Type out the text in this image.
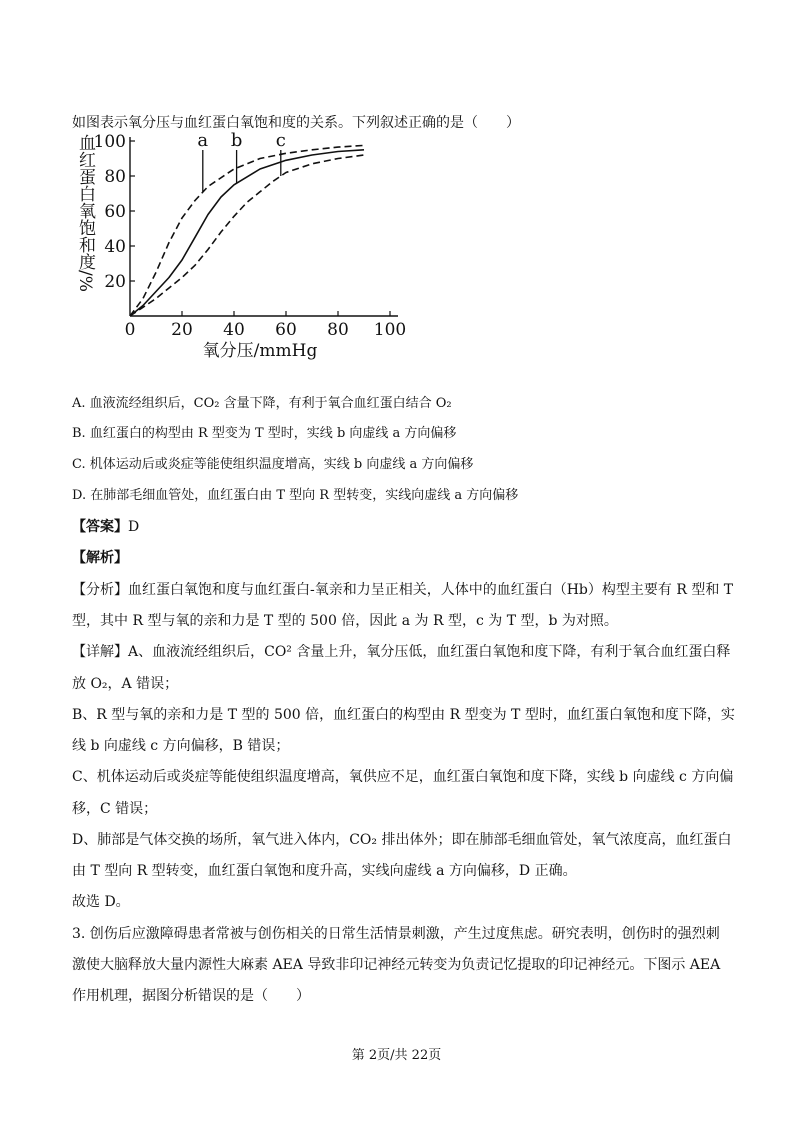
如图表示氧分压与血红蛋白氧饱和度的关系。下列叙述正确的是（　　）
0 20 40 60 80 100
20
40
60
80
100
氧分压/mmHg
血红蛋白氧饱和度/%	a b c
A. 血液流经组织后，CO₂ 含量下降，有利于氧合血红蛋白结合 O₂
B. 血红蛋白的构型由 R 型变为 T 型时，实线 b 向虚线 a 方向偏移
C. 机体运动后或炎症等能使组织温度增高，实线 b 向虚线 a 方向偏移
D. 在肺部毛细血管处，血红蛋白由 T 型向 R 型转变，实线向虚线 a 方向偏移
【答案】D
【解析】
【分析】血红蛋白氧饱和度与血红蛋白-氧亲和力呈正相关，人体中的血红蛋白（Hb）构型主要有 R 型和 T
型，其中 R 型与氧的亲和力是 T 型的 500 倍，因此 a 为 R 型，c 为 T 型，b 为对照。
【详解】A、血液流经组织后，CO² 含量上升，氧分压低，血红蛋白氧饱和度下降，有利于氧合血红蛋白释
放 O₂，A 错误；
B、R 型与氧的亲和力是 T 型的 500 倍，血红蛋白的构型由 R 型变为 T 型时，血红蛋白氧饱和度下降，实
线 b 向虚线 c 方向偏移，B 错误；
C、机体运动后或炎症等能使组织温度增高，氧供应不足，血红蛋白氧饱和度下降，实线 b 向虚线 c 方向偏
移，C 错误；
D、肺部是气体交换的场所，氧气进入体内，CO₂ 排出体外；即在肺部毛细血管处，氧气浓度高，血红蛋白
由 T 型向 R 型转变，血红蛋白氧饱和度升高，实线向虚线 a 方向偏移，D 正确。
故选 D。
3. 创伤后应激障碍患者常被与创伤相关的日常生活情景刺激，产生过度焦虑。研究表明，创伤时的强烈刺
激使大脑释放大量内源性大麻素 AEA 导致非印记神经元转变为负责记忆提取的印记神经元。下图示 AEA
作用机理，据图分析错误的是（　　）
第 2页/共 22页
